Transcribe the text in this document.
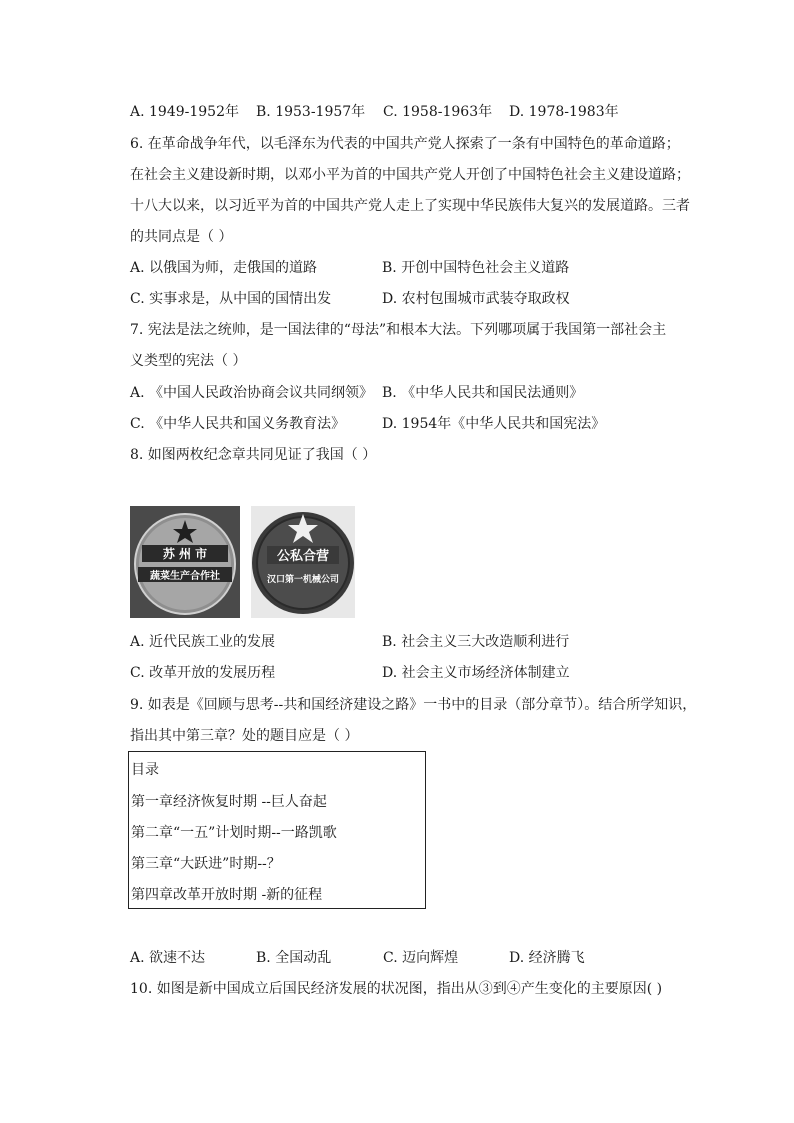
A. 1949-1952年 B. 1953-1957年 C. 1958-1963年 D. 1978-1983年
6. 在革命战争年代，以毛泽东为代表的中国共产党人探索了一条有中国特色的革命道路；
在社会主义建设新时期，以邓小平为首的中国共产党人开创了中国特色社会主义建设道路；
十八大以来，以习近平为首的中国共产党人走上了实现中华民族伟大复兴的发展道路。三者
的共同点是（ ）
A. 以俄国为师，走俄国的道路	B. 开创中国特色社会主义道路
C. 实事求是，从中国的国情出发	D. 农村包围城市武装夺取政权
7. 宪法是法之统帅，是一国法律的“母法”和根本大法。下列哪项属于我国第一部社会主
义类型的宪法（ ）
A. 《中国人民政治协商会议共同纲领》 B. 《中华人民共和国民法通则》
C. 《中华人民共和国义务教育法》	D. 1954年《中华人民共和国宪法》
8. 如图两枚纪念章共同见证了我国（ ）
苏 州 市
蔬菜生产合作社
公私合营
汉口第一机械公司
A. 近代民族工业的发展	B. 社会主义三大改造顺利进行
C. 改革开放的发展历程	D. 社会主义市场经济体制建立
9. 如表是《回顾与思考--共和国经济建设之路》一书中的目录（部分章节）。结合所学知识，
指出其中第三章？处的题目应是（ ）
目录
第一章经济恢复时期 --巨人奋起
第二章“一五”计划时期--一路凯歌
第三章“大跃进”时期--？
第四章改革开放时期 -新的征程
A. 欲速不达	B. 全国动乱	C. 迈向辉煌	D. 经济腾飞
10. 如图是新中国成立后国民经济发展的状况图，指出从③到④产生变化的主要原因( )
